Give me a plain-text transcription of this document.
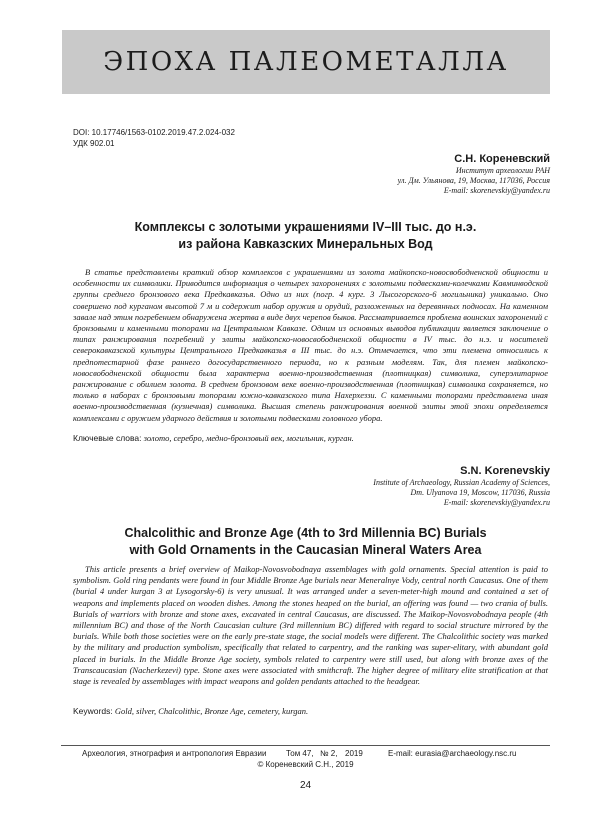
ЭПОХА ПАЛЕОМЕТАЛЛА
DOI: 10.17746/1563-0102.2019.47.2.024-032
УДК 902.01
С.Н. Кореневский
Институт археологии РАН
ул. Дм. Ульянова, 19, Москва, 117036, Россия
E-mail: skorenevskiy@yandex.ru
Комплексы с золотыми украшениями IV–III тыс. до н.э.
из района Кавказских Минеральных Вод

В статье представлены краткий обзор комплексов с украшениями из золота майкопско-новосвободненской общности и особенности их символики. Приводится информация о четырех захоронениях с золотыми подвесками-колечками Кавминводской группы среднего бронзового века Предкавказья. Одно из них (погр. 4 кург. 3 Лысогорского-6 могильника) уникально. Оно совершено под курганом высотой 7 м и содержит набор оружия и орудий, разложенных на деревянных подносах. На каменном завале над этим погребением обнаружена жертва в виде двух черепов быков. Рассматривается проблема воинских захоронений с бронзовыми и каменными топорами на Центральном Кавказе. Одним из основных выводов публикации является заключение о типах ранжирования погребений у элиты майкопско-новосвободненской общности в IV тыс. до н.э. и носителей северокавказской культуры Центрального Предкавказья в III тыс. до н.э. Отмечается, что эти племена относились к предпотестарной фазе раннего догосударственного периода, но к разным моделям. Так, для племен майкопско-новосвободненской общности была характерна военно-производственная (плотницкая) символика, суперэлитарное ранжирование с обилием золота. В среднем бронзовом веке военно-производственная (плотницкая) символика сохраняется, но только в наборах с бронзовыми топорами южно-кавказского типа Нахерхеззи. С каменными топорами представлена иная военно-производственная (кузнечная) символика. Высшая степень ранжирования военной элиты этой эпохи определяется комплексами с оружием ударного действия и золотыми подвесками головного убора.

Ключевые слова: золото, серебро, медно-бронзовый век, могильник, курган.
S.N. Korenevskiy
Institute of Archaeology, Russian Academy of Sciences,
Dm. Ulyanova 19, Moscow, 117036, Russia
E-mail: skorenevskiy@yandex.ru
Chalcolithic and Bronze Age (4th to 3rd Millennia BC) Burials
with Gold Ornaments in the Caucasian Mineral Waters Area

This article presents a brief overview of Maikop-Novosvobodnaya assemblages with gold ornaments. Special attention is paid to symbolism. Gold ring pendants were found in four Middle Bronze Age burials near Meneralnye Vody, central north Caucasus. One of them (burial 4 under kurgan 3 at Lysogorsky-6) is very unusual. It was arranged under a seven-meter-high mound and contained a set of weapons and implements placed on wooden dishes. Among the stones heaped on the burial, an offering was found — two crania of bulls. Burials of warriors with bronze and stone axes, excavated in central Caucasus, are discussed. The Maikop-Novosvobodnaya people (4th millennium BC) and those of the North Caucasian culture (3rd millennium BC) differed with regard to social structure mirrored by the burials. While both those societies were on the early pre-state stage, the social models were different. The Chalcolithic society was marked by the military and production symbolism, specifically that related to carpentry, and the ranking was super-elitary, with abundant gold placed in burials. In the Middle Bronze Age society, symbols related to carpentry were still used, but along with bronze axes of the Transcaucasian (Nacherkezevi) type. Stone axes were associated with smithcraft. The higher degree of military elite stratification at that stage is revealed by assemblages with impact weapons and golden pendants attached to the headgear.

Keywords: Gold, silver, Chalcolithic, Bronze Age, cemetery, kurgan.
Археология, этнография и антропология Евразии Том 47, № 2, 2019	E-mail: eurasia@archaeology.nsc.ru
© Кореневский С.Н., 2019
24
